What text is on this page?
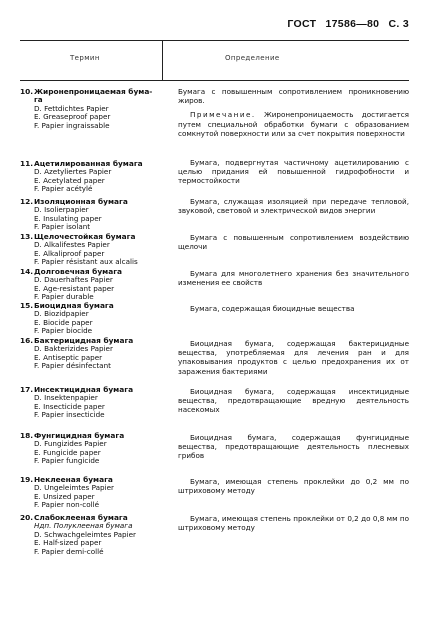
ГОСТ 17586—80 С. 3
Термин	Определение
10.Жиронепроницаемая бума-
га
D. Fettdichtes Papier
E. Greaseproof paper
F. Papier ingraissable
Бумага с повышенным сопротивлением проникновению жиров.
Примечание. Жиронепроницаемость достигается путем специальной обработки бумаги с образованием сомкнутой поверхности или за счет покрытия поверхности
11.Ацетилированная бумага
D. Azetyliertes Papier
E. Acetylated paper
F. Papier acétylé
Бумага, подвергнутая частичному ацетилированию с целью придания ей повышенной гидрофобности и термостойкости
12.Изоляционная бумага
D. Isolierpapier
E. Insulating paper
F. Papier isolant
Бумага, служащая изоляцией при передаче тепловой, звуковой, световой и электрической видов энергии
13.Щелочестойкая бумага
D. Alkalifestes Papier
E. Alkaliproof paper
F. Papier résistant aux alcalis
Бумага с повышенным сопротивлением воздействию щелочи
14.Долговечная бумага
D. Dauerhaftes Papier
E. Age-resistant paper
F. Papier durable
Бумага для многолетнего хранения без значительного изменения ее свойств
15.Биоцидная бумага
D. Biozidpapier
E. Biocide paper
F. Papier biocide
Бумага, содержащая биоцидные вещества
16.Бактерицидная бумага
D. Bakterizides Papier
E. Antiseptic paper
F. Papier désinfectant
Биоцидная бумага, содержащая бактерицидные вещества, употребляемая для лечения ран и для упаковывания продуктов с целью предохранения их от заражения бактериями
17.Инсектицидная бумага
D. Insektenpapier
E. Insecticide paper
F. Papier insecticide
Биоцидная бумага, содержащая инсектицидные вещества, предотвращающие вредную деятельность насекомых
18.Фунгицидная бумага
D. Fungizides Papier
E. Fungicide paper
F. Papier fungicide
Биоцидная бумага, содержащая фунгицидные вещества, предотвращающие деятельность плесневых грибов
19.Неклееная бумага
D. Ungeleimtes Papier
E. Unsized paper
F. Papier non-collé
Бумага, имеющая степень проклейки до 0,2 мм по штриховому методу
20.Слабоклееная бумага
Ндп. Полуклееная бумага
D. Schwachgeleimtes Papier
E. Half-sized paper
F. Papier demi-collé
Бумага, имеющая степень проклейки от 0,2 до 0,8 мм по штриховому методу
